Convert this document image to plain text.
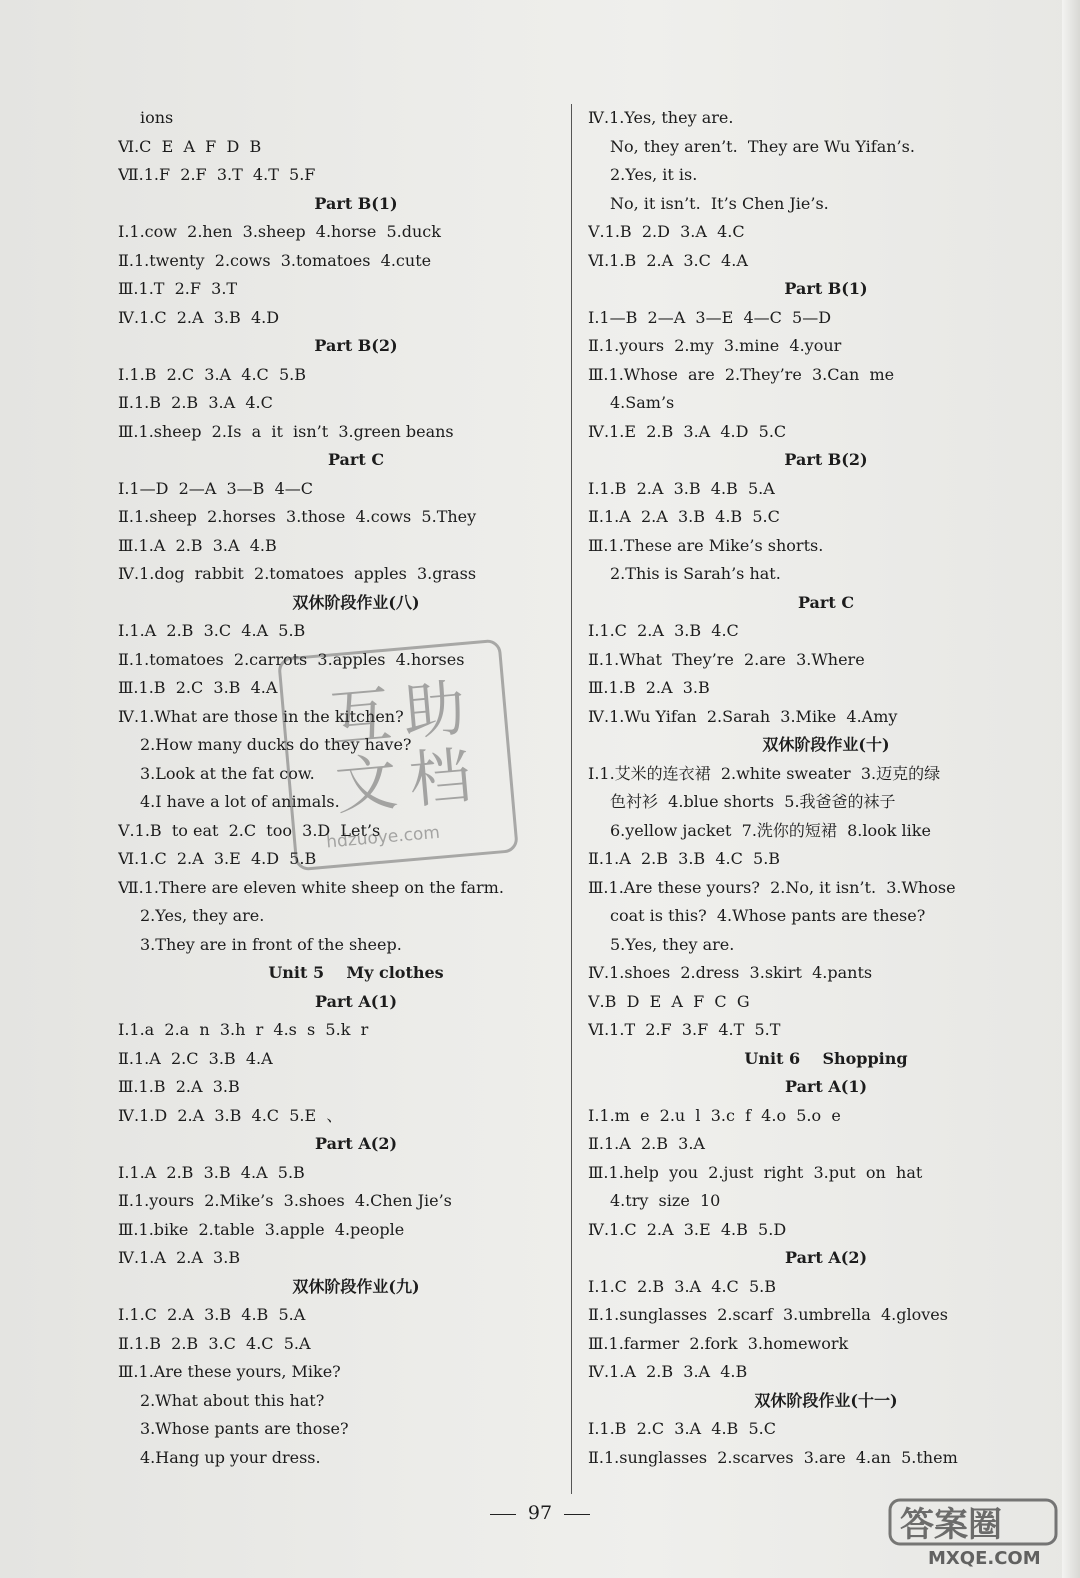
ions
Ⅵ.C  E  A  F  D  B
Ⅶ.1.F  2.F  3.T  4.T  5.F
Part B(1)
Ⅰ.1.cow  2.hen  3.sheep  4.horse  5.duck
Ⅱ.1.twenty  2.cows  3.tomatoes  4.cute
Ⅲ.1.T  2.F  3.T
Ⅳ.1.C  2.A  3.B  4.D
Part B(2)
Ⅰ.1.B  2.C  3.A  4.C  5.B
Ⅱ.1.B  2.B  3.A  4.C
Ⅲ.1.sheep  2.Is  a  it  isn’t  3.green beans
Part C
Ⅰ.1—D  2—A  3—B  4—C
Ⅱ.1.sheep  2.horses  3.those  4.cows  5.They
Ⅲ.1.A  2.B  3.A  4.B
Ⅳ.1.dog  rabbit  2.tomatoes  apples  3.grass
双休阶段作业(八)
Ⅰ.1.A  2.B  3.C  4.A  5.B
Ⅱ.1.tomatoes  2.carrots  3.apples  4.horses
Ⅲ.1.B  2.C  3.B  4.A
Ⅳ.1.What are those in the kitchen?
2.How many ducks do they have?
3.Look at the fat cow.
4.I have a lot of animals.
Ⅴ.1.B  to eat  2.C  too  3.D  Let’s
Ⅵ.1.C  2.A  3.E  4.D  5.B
Ⅶ.1.There are eleven white sheep on the farm.
2.Yes, they are.
3.They are in front of the sheep.
Unit 5    My clothes
Part A(1)
Ⅰ.1.a  2.a  n  3.h  r  4.s  s  5.k  r
Ⅱ.1.A  2.C  3.B  4.A
Ⅲ.1.B  2.A  3.B
Ⅳ.1.D  2.A  3.B  4.C  5.E  、
Part A(2)
Ⅰ.1.A  2.B  3.B  4.A  5.B
Ⅱ.1.yours  2.Mike’s  3.shoes  4.Chen Jie’s
Ⅲ.1.bike  2.table  3.apple  4.people
Ⅳ.1.A  2.A  3.B
双休阶段作业(九)
Ⅰ.1.C  2.A  3.B  4.B  5.A
Ⅱ.1.B  2.B  3.C  4.C  5.A
Ⅲ.1.Are these yours, Mike?
2.What about this hat?
3.Whose pants are those?
4.Hang up your dress.
Ⅳ.1.Yes, they are.
No, they aren’t.  They are Wu Yifan’s.
2.Yes, it is.
No, it isn’t.  It’s Chen Jie’s.
Ⅴ.1.B  2.D  3.A  4.C
Ⅵ.1.B  2.A  3.C  4.A
Part B(1)
Ⅰ.1—B  2—A  3—E  4—C  5—D
Ⅱ.1.yours  2.my  3.mine  4.your
Ⅲ.1.Whose  are  2.They’re  3.Can  me
4.Sam’s
Ⅳ.1.E  2.B  3.A  4.D  5.C
Part B(2)
Ⅰ.1.B  2.A  3.B  4.B  5.A
Ⅱ.1.A  2.A  3.B  4.B  5.C
Ⅲ.1.These are Mike’s shorts.
2.This is Sarah’s hat.
Part C
Ⅰ.1.C  2.A  3.B  4.C
Ⅱ.1.What  They’re  2.are  3.Where
Ⅲ.1.B  2.A  3.B
Ⅳ.1.Wu Yifan  2.Sarah  3.Mike  4.Amy
双休阶段作业(十)
Ⅰ.1.艾米的连衣裙  2.white sweater  3.迈克的绿
色衬衫  4.blue shorts  5.我爸爸的袜子
6.yellow jacket  7.洗你的短裙  8.look like
Ⅱ.1.A  2.B  3.B  4.C  5.B
Ⅲ.1.Are these yours?  2.No, it isn’t.  3.Whose
coat is this?  4.Whose pants are these?
5.Yes, they are.
Ⅳ.1.shoes  2.dress  3.skirt  4.pants
Ⅴ.B  D  E  A  F  C  G
Ⅵ.1.T  2.F  3.F  4.T  5.T
Unit 6    Shopping
Part A(1)
Ⅰ.1.m  e  2.u  l  3.c  f  4.o  5.o  e
Ⅱ.1.A  2.B  3.A
Ⅲ.1.help  you  2.just  right  3.put  on  hat
4.try  size  10
Ⅳ.1.C  2.A  3.E  4.B  5.D
Part A(2)
Ⅰ.1.C  2.B  3.A  4.C  5.B
Ⅱ.1.sunglasses  2.scarf  3.umbrella  4.gloves
Ⅲ.1.farmer  2.fork  3.homework
Ⅳ.1.A  2.B  3.A  4.B
双休阶段作业(十一)
Ⅰ.1.B  2.C  3.A  4.B  5.C
Ⅱ.1.sunglasses  2.scarves  3.are  4.an  5.them
互 助
文 档
hdzuoye.com
97	答案圈
MXQE.COM
